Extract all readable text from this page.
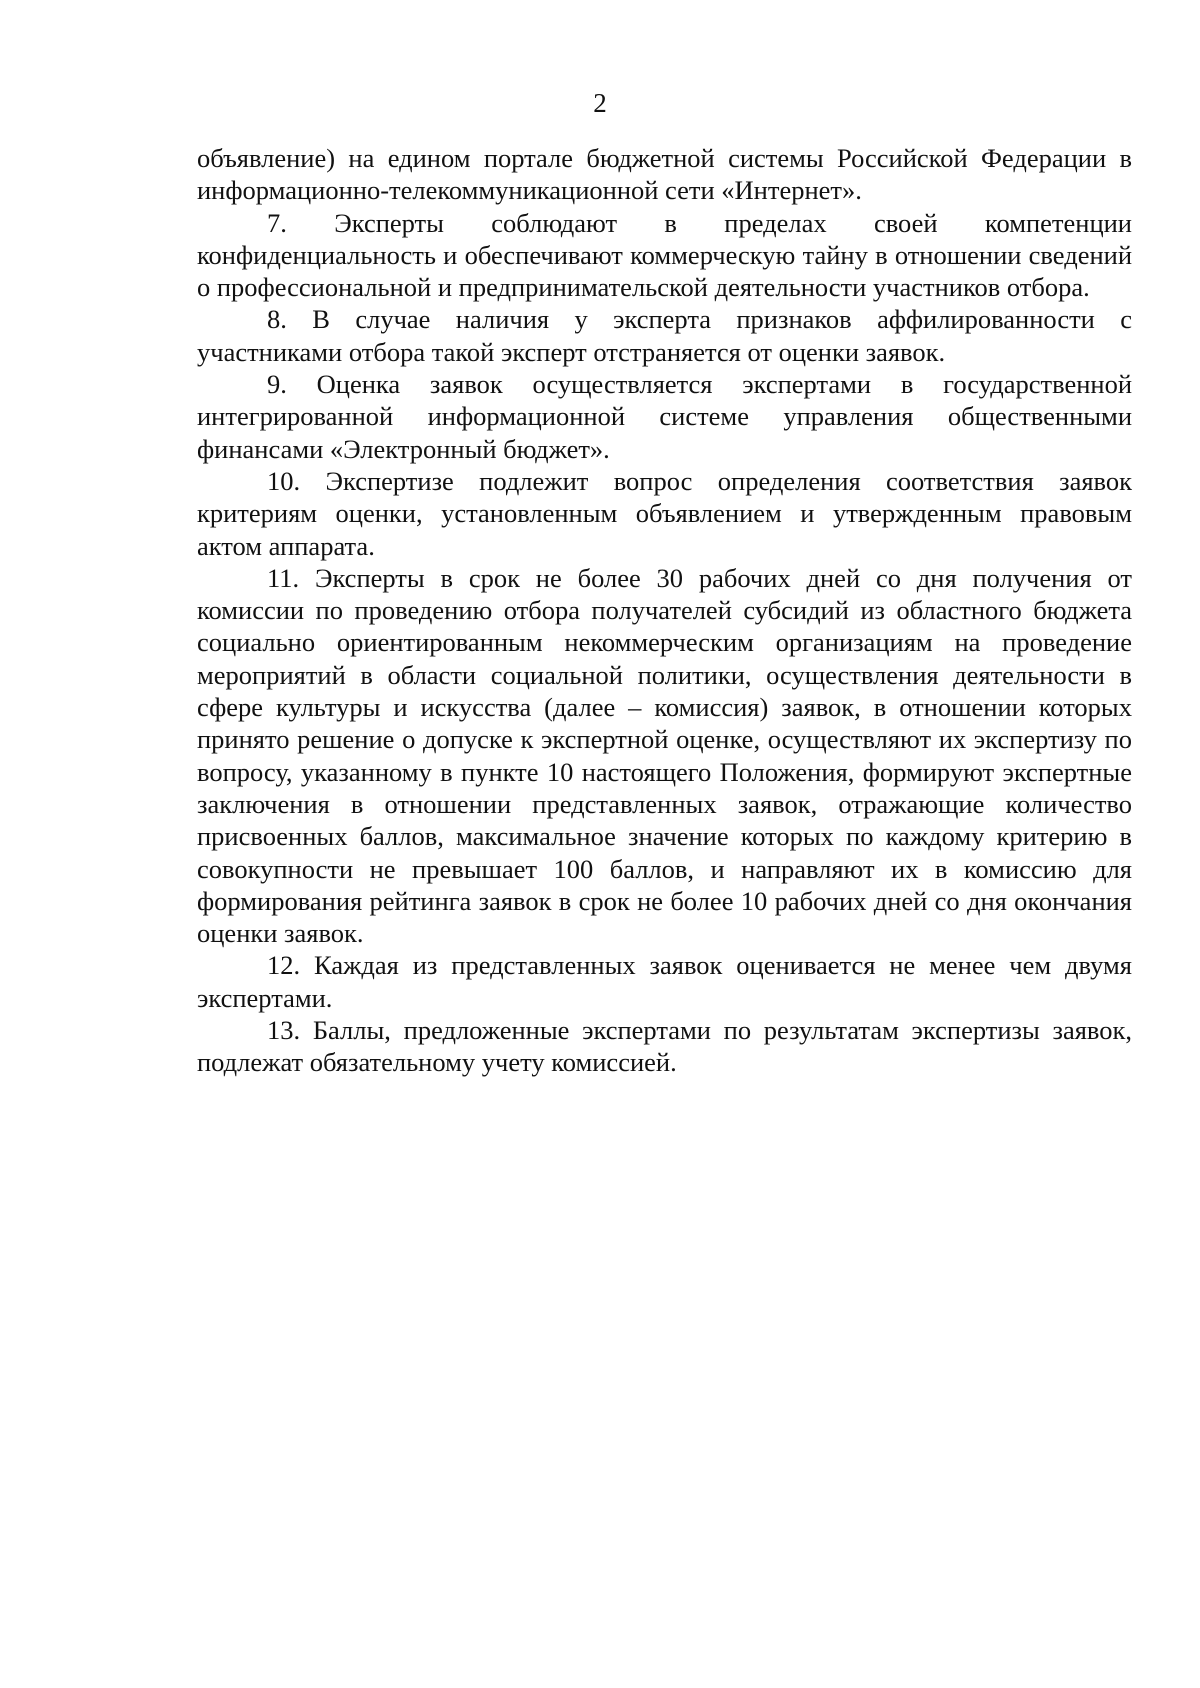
2

объявление) на едином портале бюджетной системы Российской Федерации в информационно-телекоммуникационной сети «Интернет».

7. Эксперты соблюдают в пределах своей компетенции конфиденциальность и обеспечивают коммерческую тайну в отношении сведений о профессиональной и предпринимательской деятельности участников отбора.

8. В случае наличия у эксперта признаков аффилированности с участниками отбора такой эксперт отстраняется от оценки заявок.

9. Оценка заявок осуществляется экспертами в государственной интегрированной информационной системе управления общественными финансами «Электронный бюджет».

10. Экспертизе подлежит вопрос определения соответствия заявок критериям оценки, установленным объявлением и утвержденным правовым актом аппарата.

11. Эксперты в срок не более 30 рабочих дней со дня получения от комиссии по проведению отбора получателей субсидий из областного бюджета социально ориентированным некоммерческим организациям на проведение мероприятий в области социальной политики, осуществления деятельности в сфере культуры и искусства (далее – комиссия) заявок, в отношении которых принято решение о допуске к экспертной оценке, осуществляют их экспертизу по вопросу, указанному в пункте 10 настоящего Положения, формируют экспертные заключения в отношении представленных заявок, отражающие количество присвоенных баллов, максимальное значение которых по каждому критерию в совокупности не превышает 100 баллов, и направляют их в комиссию для формирования рейтинга заявок в срок не более 10 рабочих дней со дня окончания оценки заявок.

12. Каждая из представленных заявок оценивается не менее чем двумя экспертами.

13. Баллы, предложенные экспертами по результатам экспертизы заявок, подлежат обязательному учету комиссией.
